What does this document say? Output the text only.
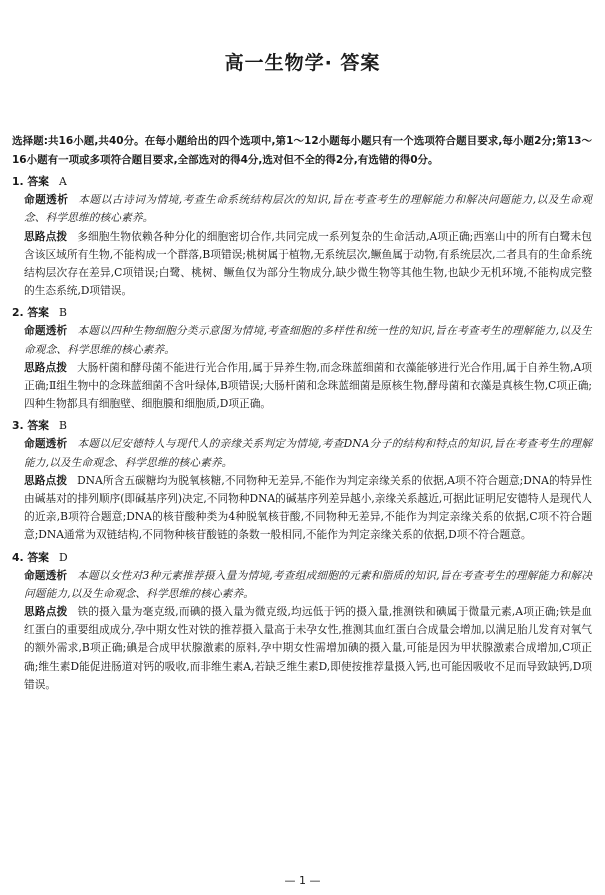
高一生物学· 答案
选择题:共16小题,共40分。在每小题给出的四个选项中,第1～12小题每小题只有一个选项符合题目要求,每小题2分;第13～16小题有一项或多项符合题目要求,全部选对的得4分,选对但不全的得2分,有选错的得0分。
1. 答案 A
命题透析 本题以古诗词为情境,考查生命系统结构层次的知识,旨在考查考生的理解能力和解决问题能力,以及生命观念、科学思维的核心素养。
思路点拨 多细胞生物依赖各种分化的细胞密切合作,共同完成一系列复杂的生命活动,A项正确;西塞山中的所有白鹭未包含该区域所有生物,不能构成一个群落,B项错误;桃树属于植物,无系统层次,鳜鱼属于动物,有系统层次,二者具有的生命系统结构层次存在差异,C项错误;白鹭、桃树、鳜鱼仅为部分生物成分,缺少微生物等其他生物,也缺少无机环境,不能构成完整的生态系统,D项错误。
2. 答案 B
命题透析 本题以四种生物细胞分类示意图为情境,考查细胞的多样性和统一性的知识,旨在考查考生的理解能力,以及生命观念、科学思维的核心素养。
思路点拨 大肠杆菌和酵母菌不能进行光合作用,属于异养生物,而念珠蓝细菌和衣藻能够进行光合作用,属于自养生物,A项正确;Ⅱ组生物中的念珠蓝细菌不含叶绿体,B项错误;大肠杆菌和念珠蓝细菌是原核生物,酵母菌和衣藻是真核生物,C项正确;四种生物都具有细胞壁、细胞膜和细胞质,D项正确。
3. 答案 B
命题透析 本题以尼安德特人与现代人的亲缘关系判定为情境,考查DNA分子的结构和特点的知识,旨在考查考生的理解能力,以及生命观念、科学思维的核心素养。
思路点拨 DNA所含五碳糖均为脱氧核糖,不同物种无差异,不能作为判定亲缘关系的依据,A项不符合题意;DNA的特异性由碱基对的排列顺序(即碱基序列)决定,不同物种DNA的碱基序列差异越小,亲缘关系越近,可据此证明尼安德特人是现代人的近亲,B项符合题意;DNA的核苷酸种类为4种脱氧核苷酸,不同物种无差异,不能作为判定亲缘关系的依据,C项不符合题意;DNA通常为双链结构,不同物种核苷酸链的条数一般相同,不能作为判定亲缘关系的依据,D项不符合题意。
4. 答案 D
命题透析 本题以女性对3种元素推荐摄入量为情境,考查组成细胞的元素和脂质的知识,旨在考查考生的理解能力和解决问题能力,以及生命观念、科学思维的核心素养。
思路点拨 铁的摄入量为毫克级,而碘的摄入量为微克级,均远低于钙的摄入量,推测铁和碘属于微量元素,A项正确;铁是血红蛋白的重要组成成分,孕中期女性对铁的推荐摄入量高于未孕女性,推测其血红蛋白合成量会增加,以满足胎儿发育对氧气的额外需求,B项正确;碘是合成甲状腺激素的原料,孕中期女性需增加碘的摄入量,可能是因为甲状腺激素合成增加,C项正确;维生素D能促进肠道对钙的吸收,而非维生素A,若缺乏维生素D,即使按推荐量摄入钙,也可能因吸收不足而导致缺钙,D项错误。
— 1 —
